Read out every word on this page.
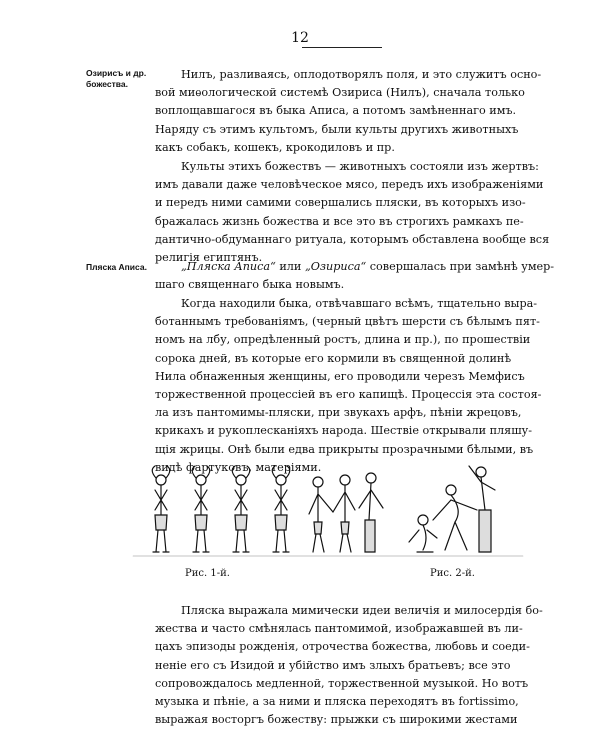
12
Озирисъ и др. божества.
Нилъ, разливаясь, оплодотворялъ поля, и это служитъ осно-
вой миѳологической системѣ Озириса (Нилъ), сначала только
воплощавшагося въ быка Аписа, а потомъ замѣненнаго имъ.
Наряду съ этимъ культомъ, были культы другихъ животныхъ
какъ собакъ, кошекъ, крокодиловъ и пр.
Культы этихъ божествъ — животныхъ состояли изъ жертвъ:
имъ давали даже человѣческое мясо, передъ ихъ изображеніями
и передъ ними самими совершались пляски, въ которыхъ изо-
бражалась жизнь божества и все это въ строгихъ рамкахъ пе-
дантично-обдуманнаго ритуала, которымъ обставлена вообще вся
религія египтянъ.
Пляска Аписа.	„Пляска Аписа“ или „Озириса“ совершалась при замѣнѣ умер-
шаго священнаго быка новымъ.
Когда находили быка, отвѣчавшаго всѣмъ, тщательно выра-
ботаннымъ требованіямъ, (черный цвѣтъ шерсти съ бѣлымъ пят-
номъ на лбу, опредѣленный ростъ, длина и пр.), по прошествіи
сорока дней, въ которые его кормили въ священной долинѣ
Нила обнаженныя женщины, его проводили черезъ Мемфисъ
торжественной процессіей въ его капищѣ. Процессія эта состоя-
ла изъ пантомимы-пляски, при звукахъ арфъ, пѣніи жрецовъ,
крикахъ и рукоплесканіяхъ народа. Шествіе открывали пляшу-
щія жрицы. Онѣ были едва прикрыты прозрачными бѣлыми, въ
видѣ фартуковъ, матеріями.
Рис. 1-й.	Рис. 2-й.
Пляска выражала мимически идеи величія и милосердія бо-
жества и часто смѣнялась пантомимой, изображавшей въ ли-
цахъ эпизоды рожденія, отрочества божества, любовь и соеди-
неніе его съ Изидой и убійство имъ злыхъ братьевъ; все это
сопровождалось медленной, торжественной музыкой. Но вотъ
музыка и пѣніе, а за ними и пляска переходятъ въ fortissimo,
выражая восторгъ божеству: прыжки съ широкими жестами
